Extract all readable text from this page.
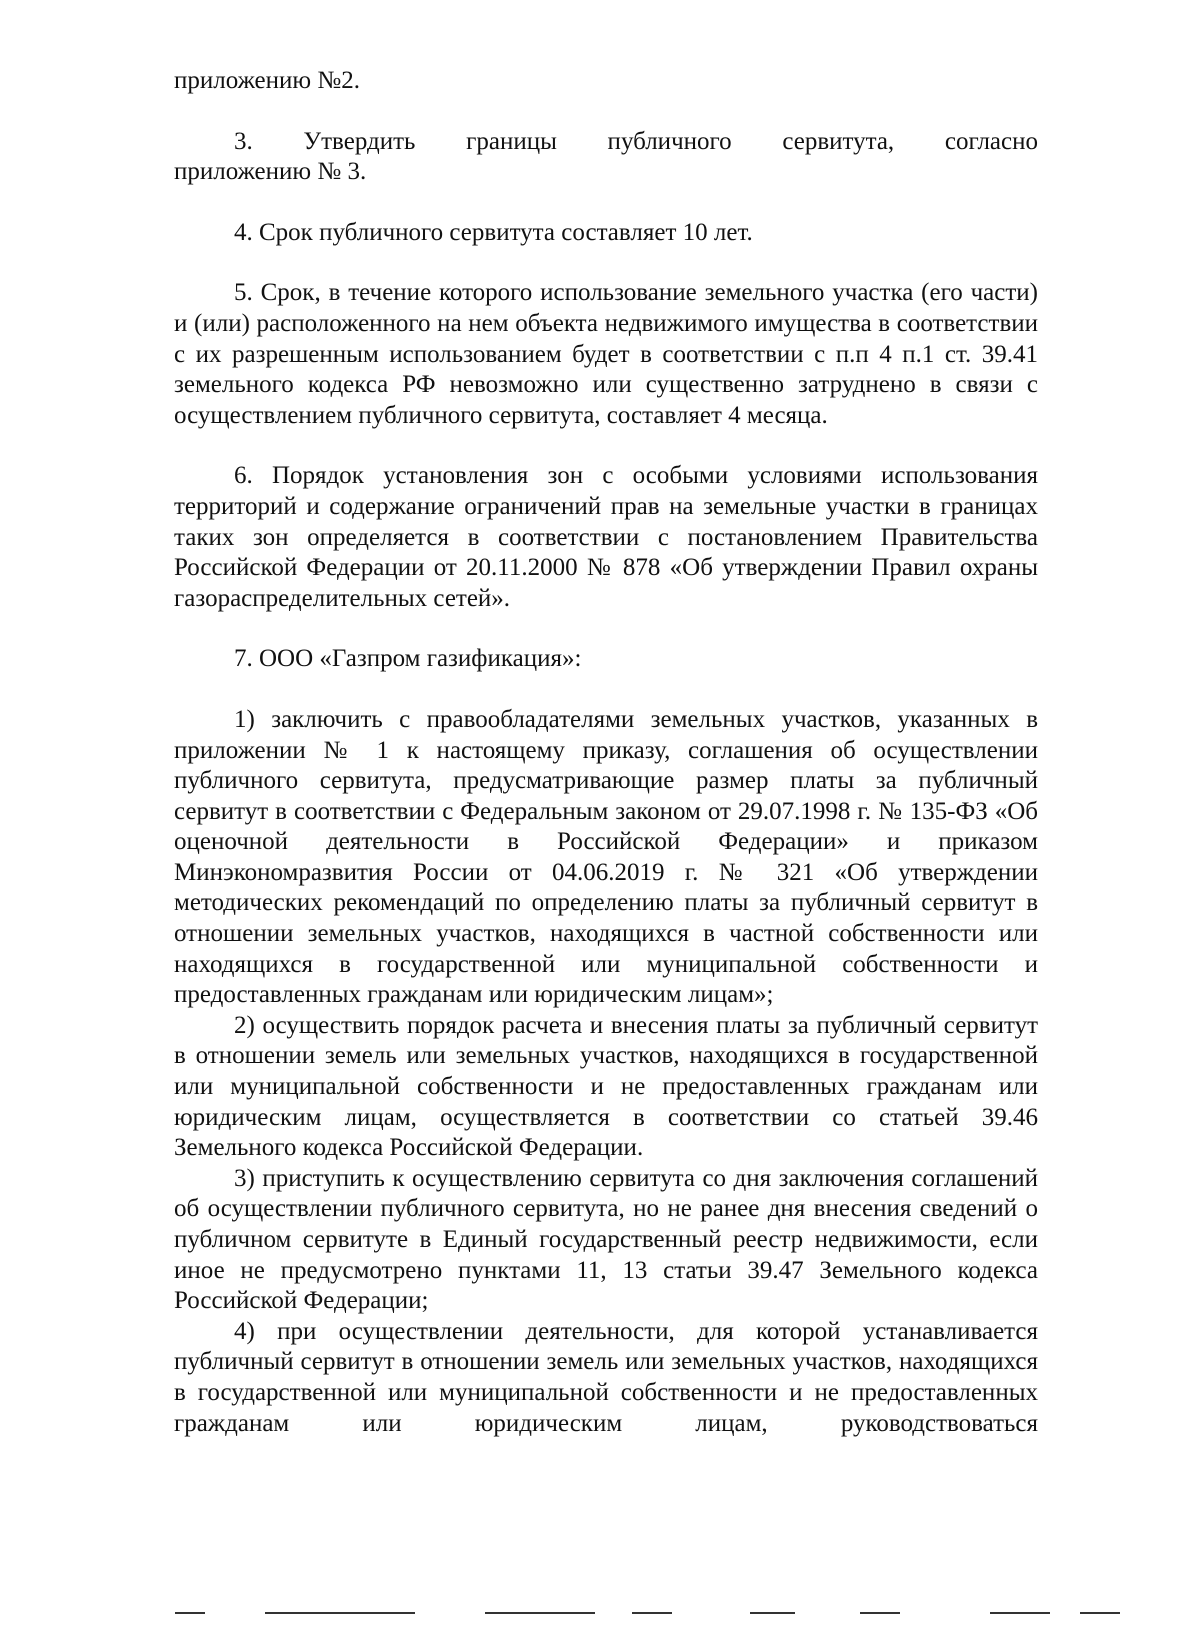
приложению №2.

3. Утвердить границы публичного сервитута, согласно

приложению № 3.

4. Срок публичного сервитута составляет 10 лет.

5. Срок, в течение которого использование земельного участка (его части) и (или) расположенного на нем объекта недвижимого имущества в соответствии с их разрешенным использованием будет в соответствии с п.п 4 п.1 ст. 39.41 земельного кодекса РФ невозможно или существенно затруднено в связи с осуществлением публичного сервитута, составляет 4 месяца.

6. Порядок установления зон с особыми условиями использования территорий и содержание ограничений прав на земельные участки в границах таких зон определяется в соответствии с постановлением Правительства Российской Федерации от 20.11.2000 № 878 «Об утверждении Правил охраны газораспределительных сетей».

7. ООО «Газпром газификация»:

1) заключить с правообладателями земельных участков, указанных в приложении № 1 к настоящему приказу, соглашения об осуществлении публичного сервитута, предусматривающие размер платы за публичный сервитут в соответствии с Федеральным законом от 29.07.1998 г. № 135-ФЗ «Об оценочной деятельности в Российской Федерации» и приказом Минэкономразвития России от 04.06.2019 г. № 321 «Об утверждении методических рекомендаций по определению платы за публичный сервитут в отношении земельных участков, находящихся в частной собственности или находящихся в государственной или муниципальной собственности и предоставленных гражданам или юридическим лицам»;

2) осуществить порядок расчета и внесения платы за публичный сервитут в отношении земель или земельных участков, находящихся в государственной или муниципальной собственности и не предоставленных гражданам или юридическим лицам, осуществляется в соответствии со статьей 39.46 Земельного кодекса Российской Федерации.

3) приступить к осуществлению сервитута со дня заключения соглашений об осуществлении публичного сервитута, но не ранее дня внесения сведений о публичном сервитуте в Единый государственный реестр недвижимости, если иное не предусмотрено пунктами 11, 13 статьи 39.47 Земельного кодекса Российской Федерации;

4) при осуществлении деятельности, для которой устанавливается публичный сервитут в отношении земель или земельных участков, находящихся в государственной или муниципальной собственности и не предоставленных гражданам или юридическим лицам, руководствоваться
